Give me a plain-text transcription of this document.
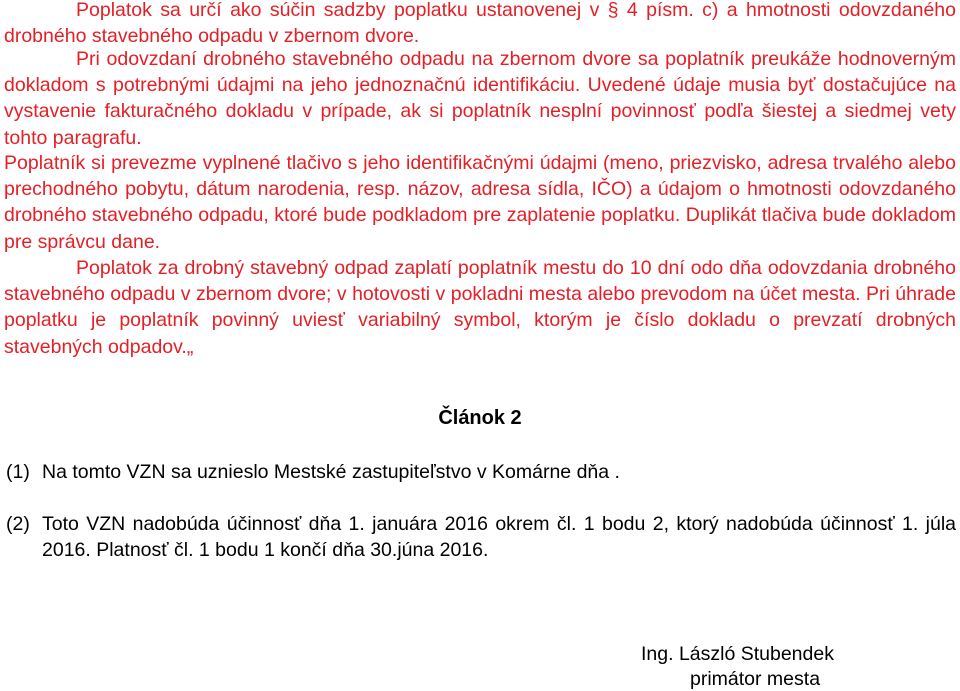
Poplatok sa určí ako súčin sadzby poplatku ustanovenej v § 4 písm. c) a hmotnosti odovzdaného drobného stavebného odpadu v zbernom dvore.

Pri odovzdaní drobného stavebného odpadu na zbernom dvore sa poplatník preukáže hodnoverným dokladom s potrebnými údajmi na jeho jednoznačnú identifikáciu. Uvedené údaje musia byť dostačujúce na vystavenie fakturačného dokladu v prípade, ak si poplatník nesplní povinnosť podľa šiestej a siedmej vety tohto paragrafu.

Poplatník si prevezme vyplnené tlačivo s jeho identifikačnými údajmi (meno, priezvisko, adresa trvalého alebo prechodného pobytu, dátum narodenia, resp. názov, adresa sídla, IČO) a údajom o hmotnosti odovzdaného drobného stavebného odpadu, ktoré bude podkladom pre zaplatenie poplatku. Duplikát tlačiva bude dokladom pre správcu dane.

Poplatok za drobný stavebný odpad zaplatí poplatník mestu do 10 dní odo dňa odovzdania drobného stavebného odpadu v zbernom dvore; v hotovosti v pokladni mesta alebo prevodom na účet mesta. Pri úhrade poplatku je poplatník povinný uviesť variabilný symbol, ktorým je číslo dokladu o prevzatí drobných stavebných odpadov.„

Článok 2
(1) Na tomto VZN sa uznieslo Mestské zastupiteľstvo v Komárne dňa .
(2) Toto VZN nadobúda účinnosť dňa 1. januára 2016 okrem čl. 1 bodu 2, ktorý nadobúda účinnosť 1. júla 2016. Platnosť čl. 1 bodu 1 končí dňa 30.júna 2016.
Ing. László Stubendek
primátor mesta
